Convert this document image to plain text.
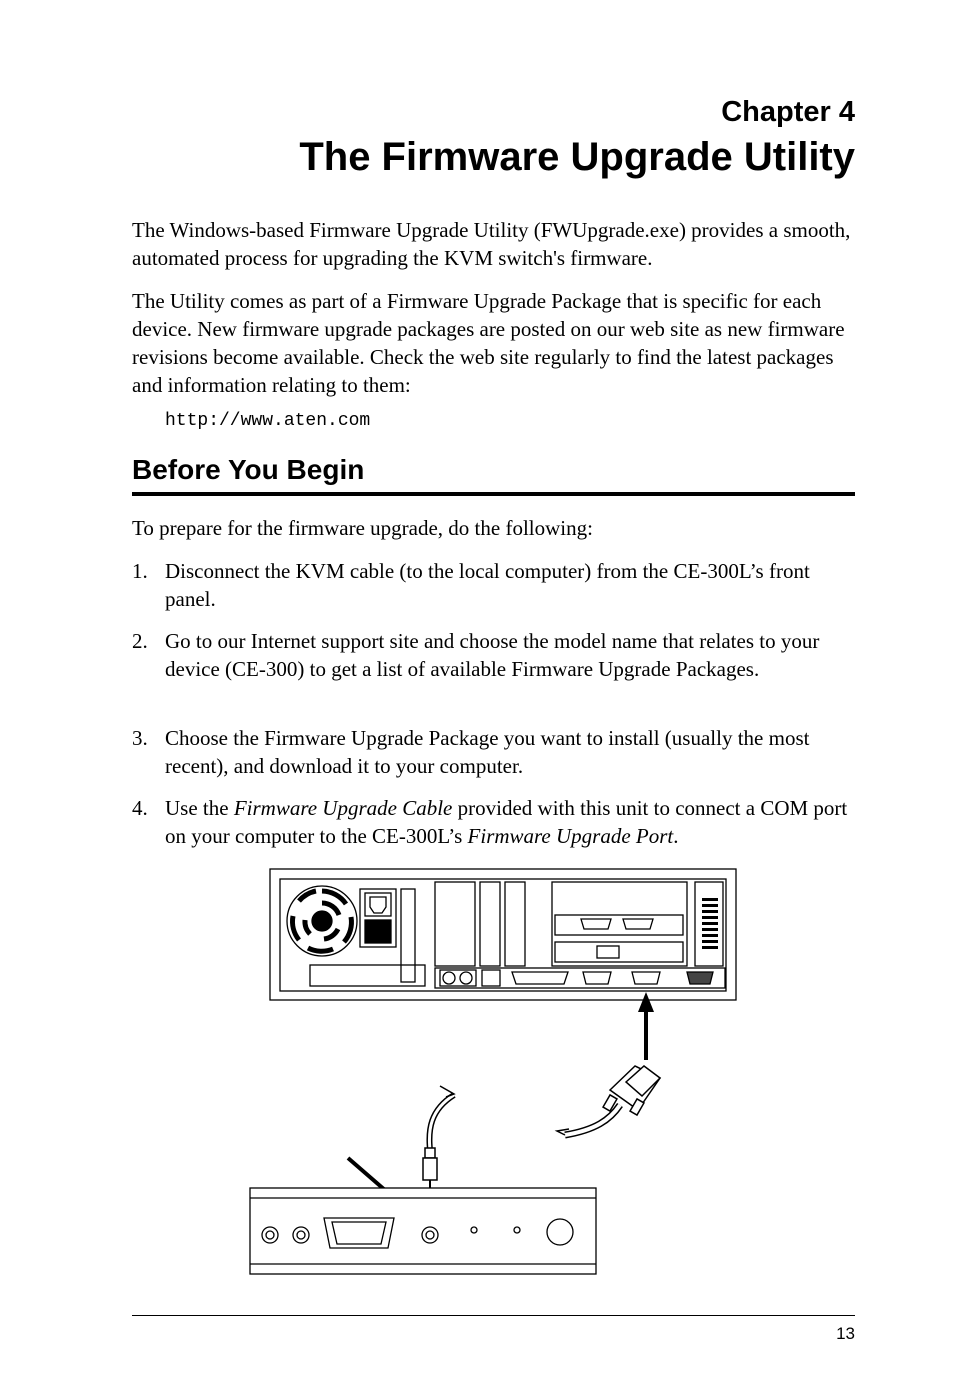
Chapter 4
The Firmware Upgrade Utility

The Windows-based Firmware Upgrade Utility (FWUpgrade.exe) provides a smooth, automated process for upgrading the KVM switch's firmware.

The Utility comes as part of a Firmware Upgrade Package that is specific for each device. New firmware upgrade packages are posted on our web site as new firmware revisions become available. Check the web site regularly to find the latest packages and information relating to them:

http://www.aten.com
Before You Begin

To prepare for the firmware upgrade, do the following:

1. Disconnect the KVM cable (to the local computer) from the CE-300L’s front panel.
2. Go to our Internet support site and choose the model name that relates to your device (CE-300) to get a list of available Firmware Upgrade Packages.
3. Choose the Firmware Upgrade Package you want to install (usually the most recent), and download it to your computer.
4. Use the Firmware Upgrade Cable provided with this unit to connect a COM port on your computer to the CE-300L’s Firmware Upgrade Port.
13
